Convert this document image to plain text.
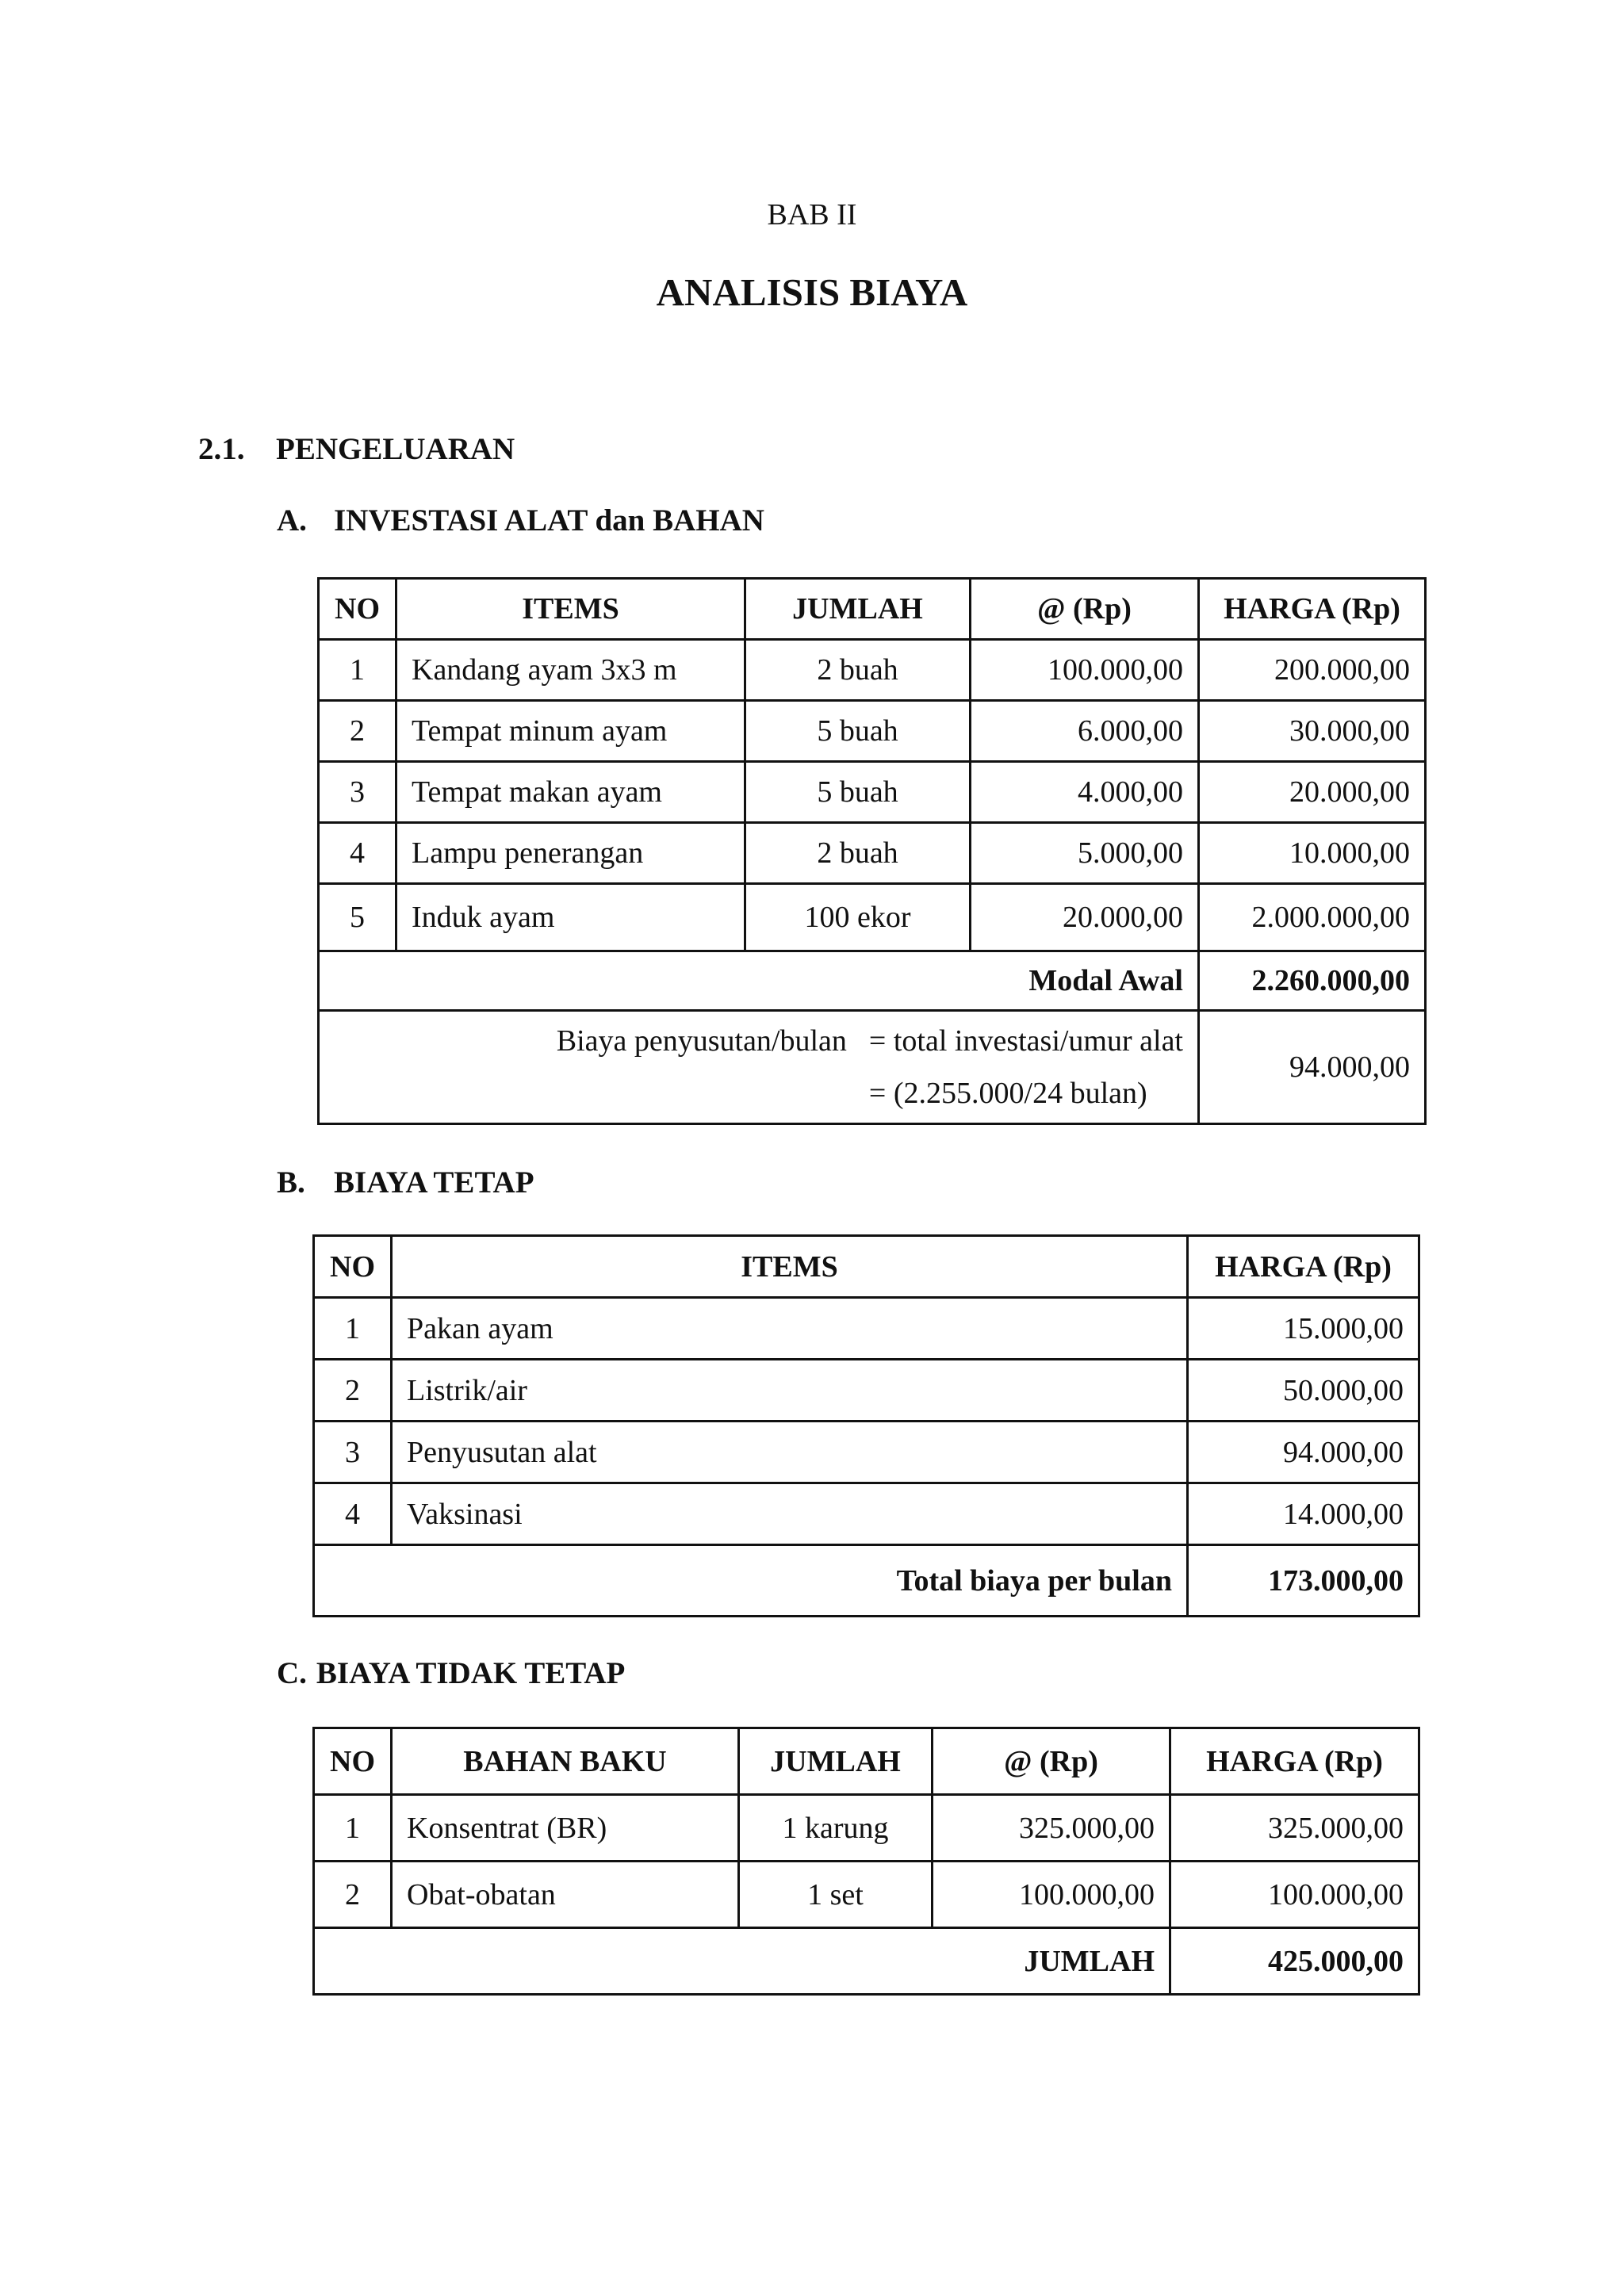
BAB II
ANALISIS BIAYA
2.1. PENGELUARAN
A. INVESTASI ALAT dan BAHAN
NO	ITEMS	JUMLAH	@ (Rp)	HARGA (Rp)
1	Kandang ayam 3x3 m	2 buah	100.000,00	200.000,00
2	Tempat minum ayam	5 buah	6.000,00	30.000,00
3	Tempat makan ayam	5 buah	4.000,00	20.000,00
4	Lampu penerangan	2 buah	5.000,00	10.000,00
5	Induk ayam	100 ekor	20.000,00	2.000.000,00
Modal Awal				2.260.000,00
Biaya penyusutan/bulan = total investasi/umur alat
= (2.255.000/24 bulan)				94.000,00
B. BIAYA TETAP
NO	ITEMS	HARGA (Rp)
1	Pakan ayam	15.000,00
2	Listrik/air	50.000,00
3	Penyusutan alat	94.000,00
4	Vaksinasi	14.000,00
Total biaya per bulan		173.000,00
C. BIAYA TIDAK TETAP
NO	BAHAN BAKU	JUMLAH	@ (Rp)	HARGA (Rp)
1	Konsentrat (BR)	1 karung	325.000,00	325.000,00
2	Obat-obatan	1 set	100.000,00	100.000,00
JUMLAH				425.000,00
